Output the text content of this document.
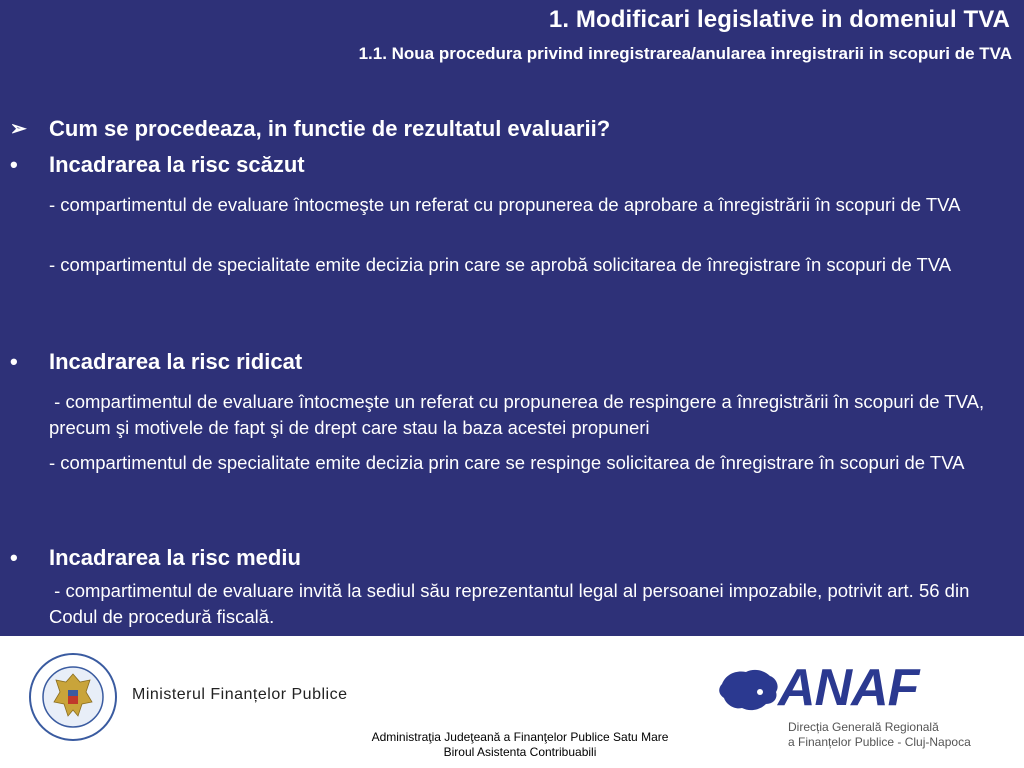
1. Modificari legislative in domeniul TVA
1.1. Noua procedura privind inregistrarea/anularea inregistrarii in scopuri de TVA
➢	Cum se procedeaza, in functie de rezultatul evaluarii?
•	Incadrarea la risc scăzut
- compartimentul de evaluare întocmeşte un referat cu propunerea de aprobare a înregistrării în scopuri de TVA
- compartimentul de specialitate emite decizia prin care se aprobă solicitarea de înregistrare în scopuri de TVA
•	Incadrarea la risc ridicat
- compartimentul de evaluare întocmeşte un referat cu propunerea de respingere a înregistrării în scopuri de TVA, precum şi motivele de fapt şi de drept care stau la baza acestei propuneri
- compartimentul de specialitate emite decizia prin care se respinge solicitarea de înregistrare în scopuri de TVA
•	Incadrarea la risc mediu
- compartimentul de evaluare invită la sediul său reprezentantul legal al persoanei impozabile, potrivit art. 56 din Codul de procedură fiscală.
Ministerul Finanțelor Publice
Administraţia Judeţeană a Finanţelor Publice Satu Mare
Biroul Asistenta Contribuabili
ANAF
Direcția Generală Regională
a Finanțelor Publice - Cluj-Napoca
